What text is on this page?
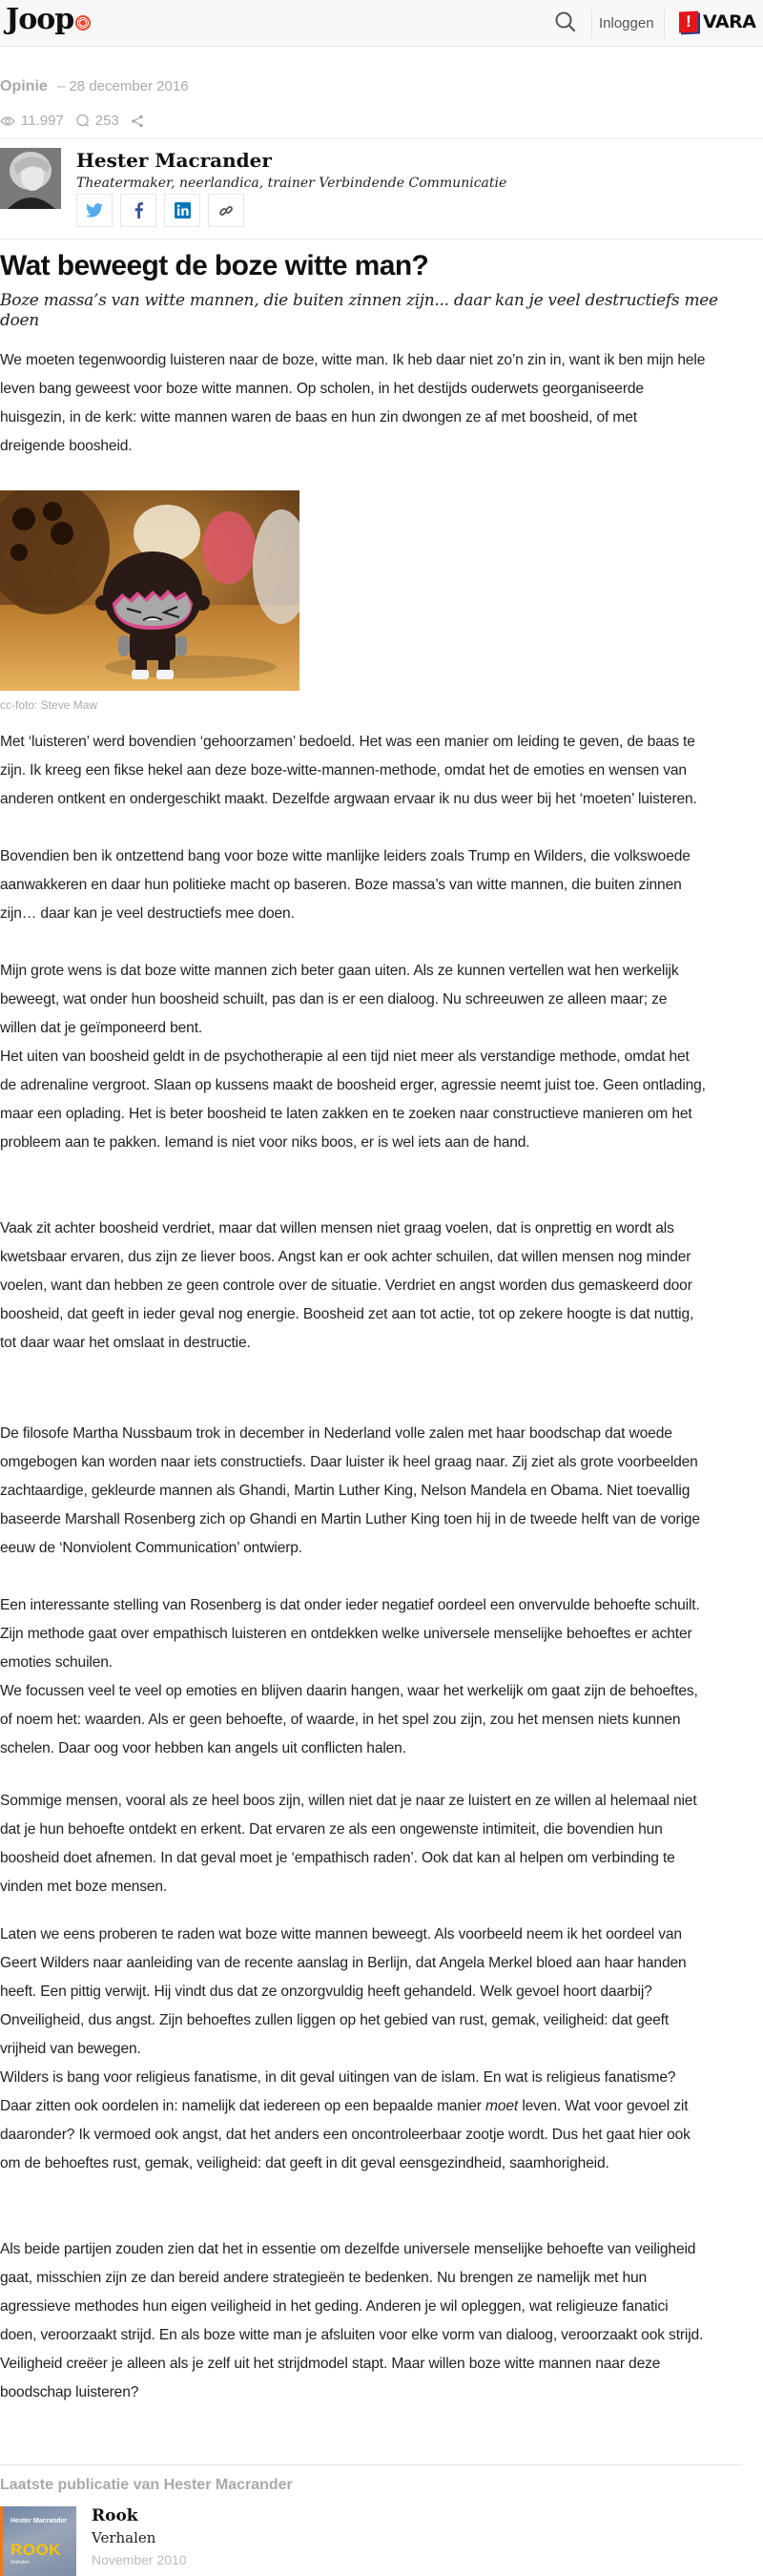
Joop	Inloggen	! VARA
Opinie – 28 december 2016
11.997 253
Hester Macrander
Theatermaker, neerlandica, trainer Verbindende Communicatie
Wat beweegt de boze witte man?
Boze massa’s van witte mannen, die buiten zinnen zijn... daar kan je veel destructiefs mee doen

We moeten tegenwoordig luisteren naar de boze, witte man. Ik heb daar niet zo’n zin in, want ik ben mijn hele leven bang geweest voor boze witte mannen. Op scholen, in het destijds ouderwets georganiseerde huisgezin, in de kerk: witte mannen waren de baas en hun zin dwongen ze af met boosheid, of met dreigende boosheid.

cc-foto: Steve Maw

Met ‘luisteren’ werd bovendien ‘gehoorzamen’ bedoeld. Het was een manier om leiding te geven, de baas te zijn. Ik kreeg een fikse hekel aan deze boze-witte-mannen-methode, omdat het de emoties en wensen van anderen ontkent en ondergeschikt maakt. Dezelfde argwaan ervaar ik nu dus weer bij het ‘moeten’ luisteren.

Bovendien ben ik ontzettend bang voor boze witte manlijke leiders zoals Trump en Wilders, die volkswoede aanwakkeren en daar hun politieke macht op baseren. Boze massa’s van witte mannen, die buiten zinnen zijn… daar kan je veel destructiefs mee doen.

Mijn grote wens is dat boze witte mannen zich beter gaan uiten. Als ze kunnen vertellen wat hen werkelijk beweegt, wat onder hun boosheid schuilt, pas dan is er een dialoog. Nu schreeuwen ze alleen maar; ze willen dat je geïmponeerd bent.

Het uiten van boosheid geldt in de psychotherapie al een tijd niet meer als verstandige methode, omdat het de adrenaline vergroot. Slaan op kussens maakt de boosheid erger, agressie neemt juist toe. Geen ontlading, maar een oplading. Het is beter boosheid te laten zakken en te zoeken naar constructieve manieren om het probleem aan te pakken. Iemand is niet voor niks boos, er is wel iets aan de hand.

Vaak zit achter boosheid verdriet, maar dat willen mensen niet graag voelen, dat is onprettig en wordt als kwetsbaar ervaren, dus zijn ze liever boos. Angst kan er ook achter schuilen, dat willen mensen nog minder voelen, want dan hebben ze geen controle over de situatie. Verdriet en angst worden dus gemaskeerd door boosheid, dat geeft in ieder geval nog energie. Boosheid zet aan tot actie, tot op zekere hoogte is dat nuttig, tot daar waar het omslaat in destructie.

De filosofe Martha Nussbaum trok in december in Nederland volle zalen met haar boodschap dat woede omgebogen kan worden naar iets constructiefs. Daar luister ik heel graag naar. Zij ziet als grote voorbeelden zachtaardige, gekleurde mannen als Ghandi, Martin Luther King, Nelson Mandela en Obama. Niet toevallig baseerde Marshall Rosenberg zich op Ghandi en Martin Luther King toen hij in de tweede helft van de vorige eeuw de ‘Nonviolent Communication’ ontwierp.

Een interessante stelling van Rosenberg is dat onder ieder negatief oordeel een onvervulde behoefte schuilt. Zijn methode gaat over empathisch luisteren en ontdekken welke universele menselijke behoeftes er achter emoties schuilen.

We focussen veel te veel op emoties en blijven daarin hangen, waar het werkelijk om gaat zijn de behoeftes, of noem het: waarden. Als er geen behoefte, of waarde, in het spel zou zijn, zou het mensen niets kunnen schelen. Daar oog voor hebben kan angels uit conflicten halen.

Sommige mensen, vooral als ze heel boos zijn, willen niet dat je naar ze luistert en ze willen al helemaal niet dat je hun behoefte ontdekt en erkent. Dat ervaren ze als een ongewenste intimiteit, die bovendien hun boosheid doet afnemen. In dat geval moet je ‘empathisch raden’. Ook dat kan al helpen om verbinding te vinden met boze mensen.

Laten we eens proberen te raden wat boze witte mannen beweegt. Als voorbeeld neem ik het oordeel van Geert Wilders naar aanleiding van de recente aanslag in Berlijn, dat Angela Merkel bloed aan haar handen heeft. Een pittig verwijt. Hij vindt dus dat ze onzorgvuldig heeft gehandeld. Welk gevoel hoort daarbij? Onveiligheid, dus angst. Zijn behoeftes zullen liggen op het gebied van rust, gemak, veiligheid: dat geeft vrijheid van bewegen.

Wilders is bang voor religieus fanatisme, in dit geval uitingen van de islam. En wat is religieus fanatisme? Daar zitten ook oordelen in: namelijk dat iedereen op een bepaalde manier moet leven. Wat voor gevoel zit daaronder? Ik vermoed ook angst, dat het anders een oncontroleerbaar zootje wordt. Dus het gaat hier ook om de behoeftes rust, gemak, veiligheid: dat geeft in dit geval eensgezindheid, saamhorigheid.

Als beide partijen zouden zien dat het in essentie om dezelfde universele menselijke behoefte van veiligheid gaat, misschien zijn ze dan bereid andere strategieën te bedenken. Nu brengen ze namelijk met hun agressieve methodes hun eigen veiligheid in het geding. Anderen je wil opleggen, wat religieuze fanatici doen, veroorzaakt strijd. En als boze witte man je afsluiten voor elke vorm van dialoog, veroorzaakt ook strijd. Veiligheid creëer je alleen als je zelf uit het strijdmodel stapt. Maar willen boze witte mannen naar deze boodschap luisteren?

Laatste publicatie van Hester Macrander
Hester Macrander
ROOK
Verhalen
Rook
Verhalen
November 2010
